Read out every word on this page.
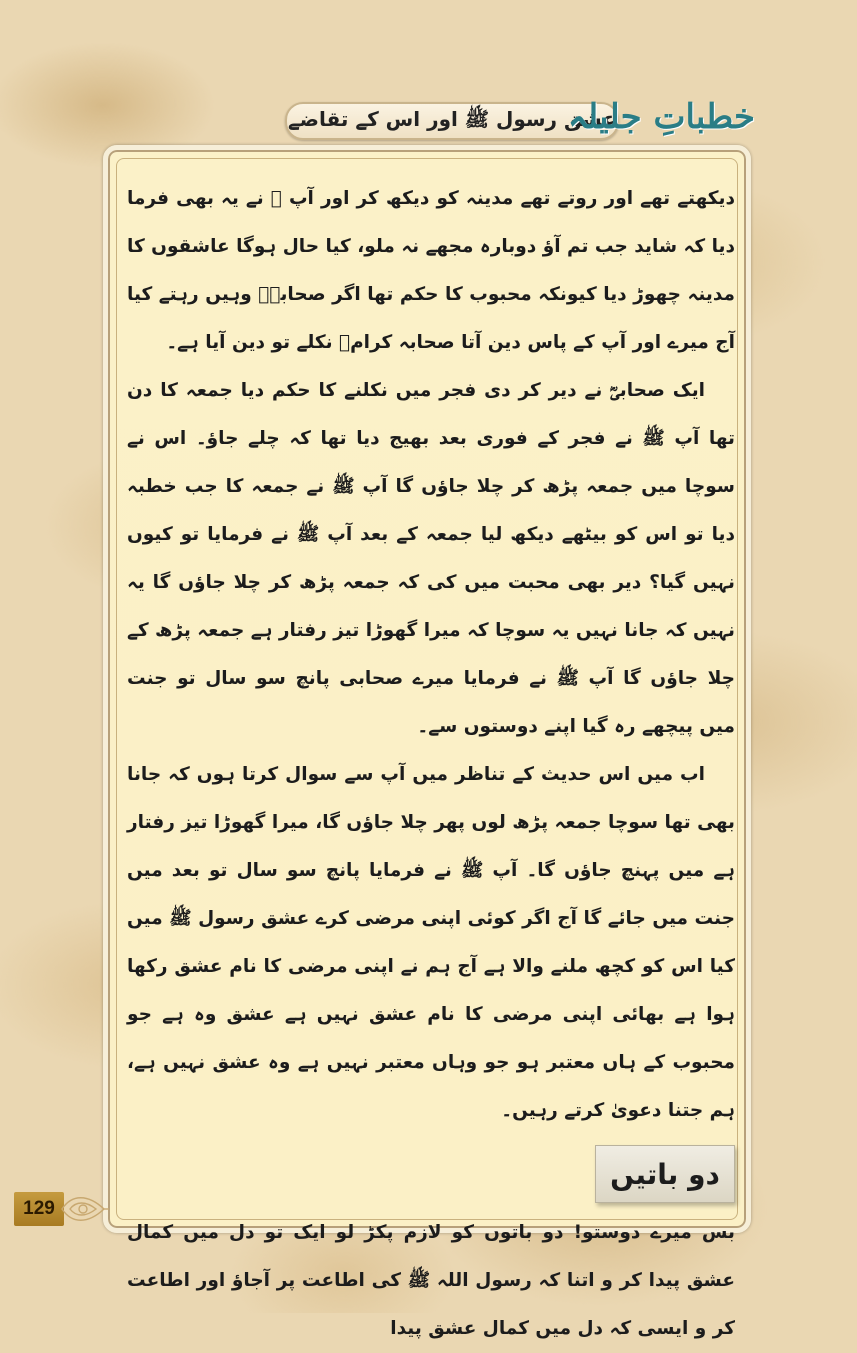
عشق رسول ﷺ اور اس کے تقاضے
خطباتِ جلیلہ

دیکھتے تھے اور روتے تھے مدینہ کو دیکھ کر اور آپ ﷺ نے یہ بھی فرما دیا کہ شاید جب تم آؤ دوبارہ مجھے نہ ملو، کیا حال ہوگا عاشقوں کا مدینہ چھوڑ دیا کیونکہ محبوب کا حکم تھا اگر صحابہؓ وہیں رہتے کیا آج میرے اور آپ کے پاس دین آتا صحابہ کرامؓ نکلے تو دین آیا ہے۔

ایک صحابیؓ نے دیر کر دی فجر میں نکلنے کا حکم دیا جمعہ کا دن تھا آپ ﷺ نے فجر کے فوری بعد بھیج دیا تھا کہ چلے جاؤ۔ اس نے سوچا میں جمعہ پڑھ کر چلا جاؤں گا آپ ﷺ نے جمعہ کا جب خطبہ دیا تو اس کو بیٹھے دیکھ لیا جمعہ کے بعد آپ ﷺ نے فرمایا تو کیوں نہیں گیا؟ دیر بھی محبت میں کی کہ جمعہ پڑھ کر چلا جاؤں گا یہ نہیں کہ جانا نہیں یہ سوچا کہ میرا گھوڑا تیز رفتار ہے جمعہ پڑھ کے چلا جاؤں گا آپ ﷺ نے فرمایا میرے صحابی پانچ سو سال تو جنت میں پیچھے رہ گیا اپنے دوستوں سے۔

اب میں اس حدیث کے تناظر میں آپ سے سوال کرتا ہوں کہ جانا بھی تھا سوچا جمعہ پڑھ لوں پھر چلا جاؤں گا، میرا گھوڑا تیز رفتار ہے میں پہنچ جاؤں گا۔ آپ ﷺ نے فرمایا پانچ سو سال تو بعد میں جنت میں جائے گا آج اگر کوئی اپنی مرضی کرے عشق رسول ﷺ میں کیا اس کو کچھ ملنے والا ہے آج ہم نے اپنی مرضی کا نام عشق رکھا ہوا ہے بھائی اپنی مرضی کا نام عشق نہیں ہے عشق وہ ہے جو محبوب کے ہاں معتبر ہو جو وہاں معتبر نہیں ہے وہ عشق نہیں ہے، ہم جتنا دعویٰ کرتے رہیں۔

دو باتیں

بس میرے دوستو! دو باتوں کو لازم پکڑ لو ایک تو دل میں کمال عشق پیدا کر و اتنا کہ رسول اللہ ﷺ کی اطاعت پر آجاؤ اور اطاعت کر و ایسی کہ دل میں کمال عشق پیدا

129
